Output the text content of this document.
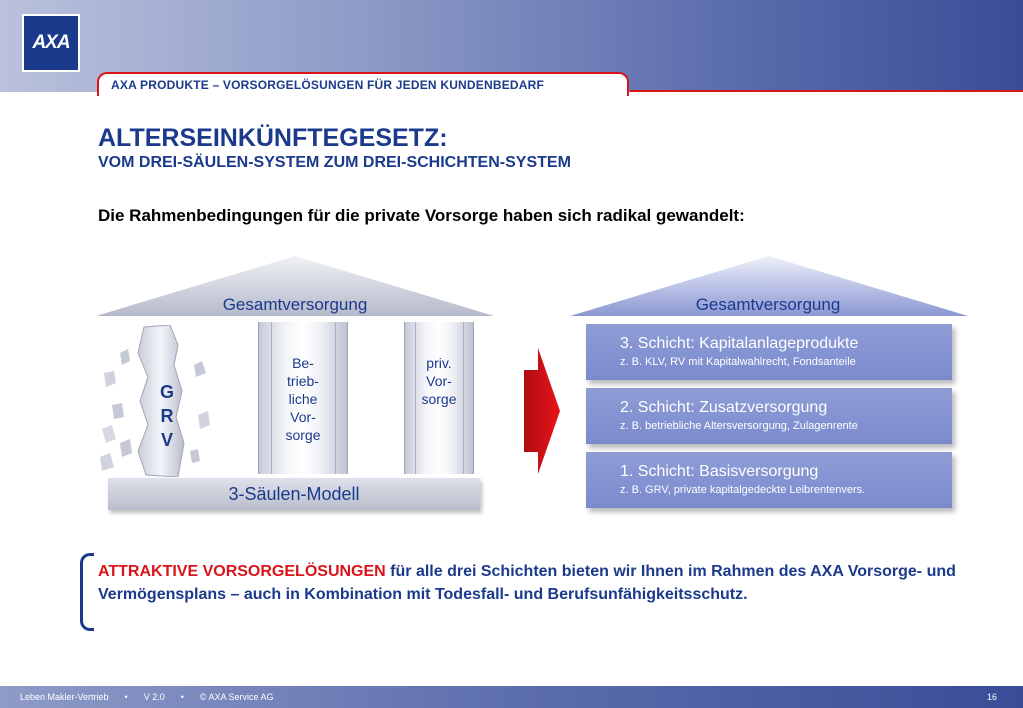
AXA
AXA PRODUKTE – VORSORGELÖSUNGEN FÜR JEDEN KUNDENBEDARF
ALTERSEINKÜNFTEGESETZ:
VOM DREI-SÄULEN-SYSTEM ZUM DREI-SCHICHTEN-SYSTEM
Die Rahmenbedingungen für die private Vorsorge haben sich radikal gewandelt:
Gesamtversorgung
G
R
V
Be-
trieb-
liche
Vor-
sorge
priv.
Vor-
sorge
3-Säulen-Modell
Gesamtversorgung
3. Schicht: Kapitalanlageprodukte
z. B. KLV, RV mit Kapitalwahlrecht, Fondsanteile
2. Schicht: Zusatzversorgung
z. B. betriebliche Altersversorgung, Zulagenrente
1. Schicht: Basisversorgung
z. B. GRV, private kapitalgedeckte Leibrentenvers.
ATTRAKTIVE VORSORGELÖSUNGEN für alle drei Schichten bieten wir Ihnen im Rahmen des AXA Vorsorge- und Vermögensplans – auch in Kombination mit Todesfall- und Berufsunfähigkeitsschutz.
Leben Makler-Vertrieb • V 2.0 • © AXA Service AG	16
